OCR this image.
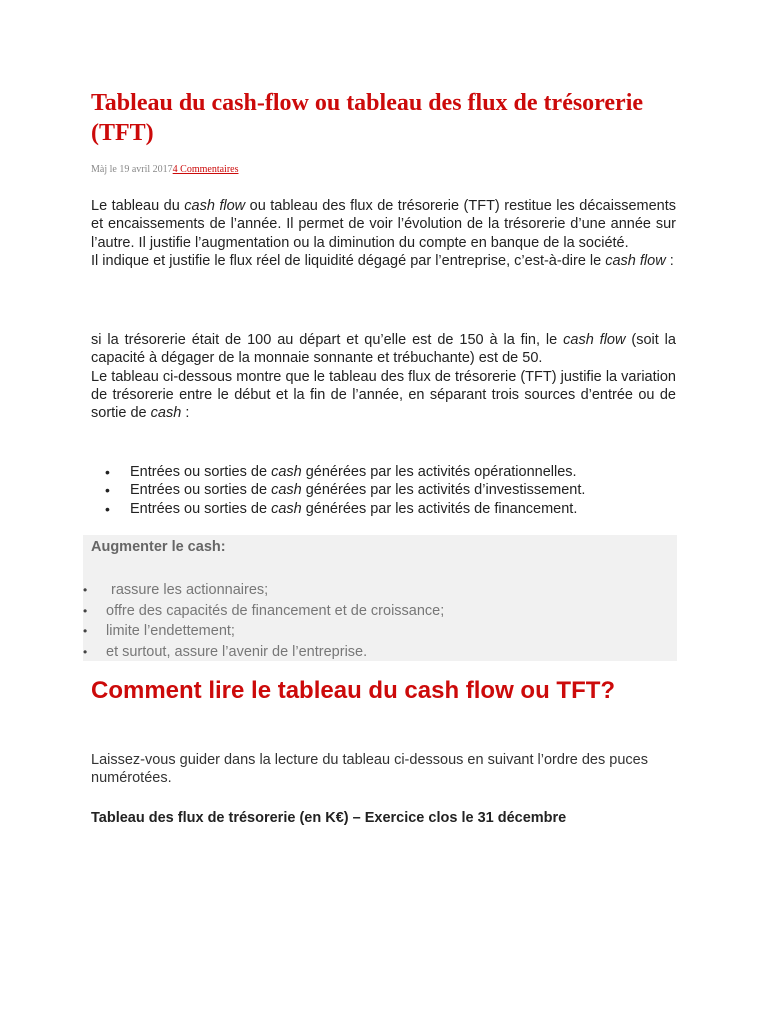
Tableau du cash-flow ou tableau des flux de trésorerie (TFT)
Màj le 19 avril 20174 Commentaires

Le tableau du cash flow ou tableau des flux de trésorerie (TFT) restitue les décaissements et encaissements de l’année. Il permet de voir l’évolution de la trésorerie d’une année sur l’autre. Il justifie l’augmentation ou la diminution du compte en banque de la société.
Il indique et justifie le flux réel de liquidité dégagé par l’entreprise, c’est-à-dire le cash flow :

si la trésorerie était de 100 au départ et qu’elle est de 150 à la fin, le cash flow (soit la capacité à dégager de la monnaie sonnante et trébuchante) est de 50.
Le tableau ci-dessous montre que le tableau des flux de trésorerie (TFT) justifie la variation de trésorerie entre le début et la fin de l’année, en séparant trois sources d’entrée ou de sortie de cash :

• Entrées ou sorties de cash générées par les activités opérationnelles.
• Entrées ou sorties de cash générées par les activités d’investissement.
• Entrées ou sorties de cash générées par les activités de financement.
Augmenter le cash:
• rassure les actionnaires;
• offre des capacités de financement et de croissance;
• limite l’endettement;
• et surtout, assure l’avenir de l’entreprise.
Comment lire le tableau du cash flow ou TFT?

Laissez-vous guider dans la lecture du tableau ci-dessous en suivant l’ordre des puces numérotées.

Tableau des flux de trésorerie (en K€) – Exercice clos le 31 décembre
